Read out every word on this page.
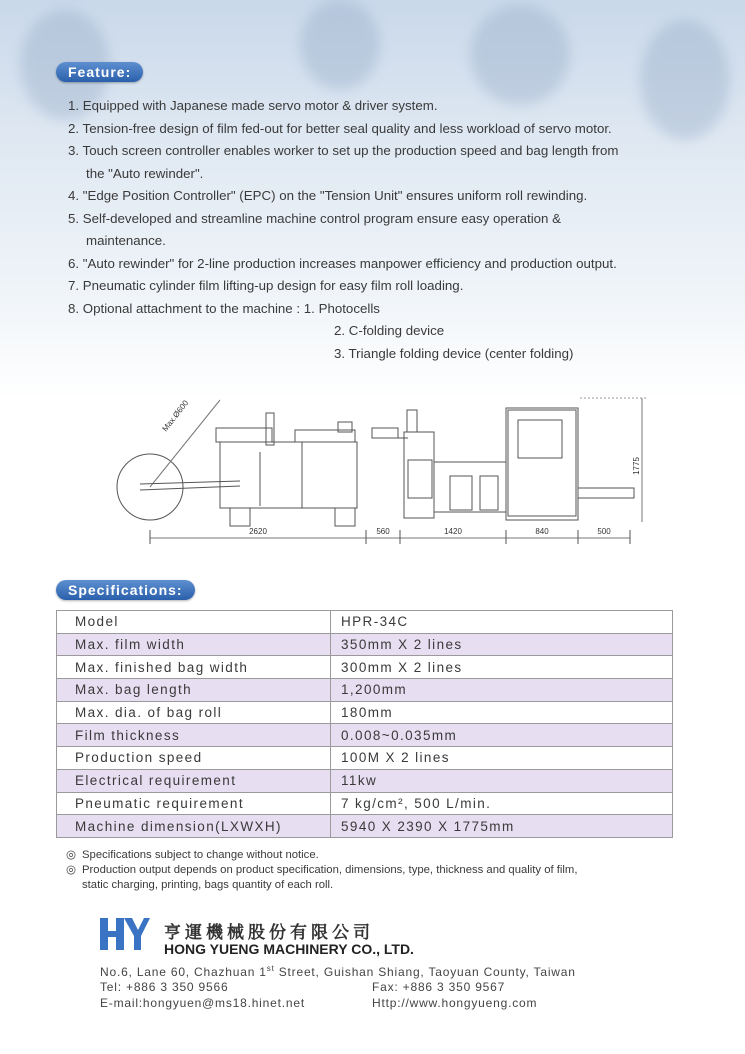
Feature:
1. Equipped with Japanese made servo motor & driver system.
2. Tension-free design of film fed-out for better seal quality and less workload of servo motor.
3. Touch screen controller enables worker to set up the production speed and bag length from
the "Auto rewinder".
4. "Edge Position Controller" (EPC) on the "Tension Unit" ensures uniform roll rewinding.
5. Self-developed and streamline machine control program ensure easy operation &
maintenance.
6. "Auto rewinder" for 2-line production increases manpower efficiency and production output.
7. Pneumatic cylinder film lifting-up design for easy film roll loading.
8. Optional attachment to the machine : 1. Photocells
2. C-folding device
3. Triangle folding device (center folding)
Max.Ø600
1775
2620	560	1420	840	500
Specifications:
Model	HPR-34C
Max. film width	350mm X 2 lines
Max. finished bag width	300mm X 2 lines
Max. bag length	1,200mm
Max. dia. of bag roll	180mm
Film thickness	0.008~0.035mm
Production speed	100M X 2 lines
Electrical requirement	11kw
Pneumatic requirement	7 kg/cm², 500 L/min.
Machine dimension(LXWXH)	5940 X 2390 X 1775mm
◎ Specifications subject to change without notice.
◎ Production output depends on product specification, dimensions, type, thickness and quality of film,
static charging, printing, bags quantity of each roll.
亨運機械股份有限公司
HONG YUENG MACHINERY CO., LTD.
No.6, Lane 60, Chazhuan 1st Street, Guishan Shiang, Taoyuan County, Taiwan
Tel: +886 3 350 9566	Fax: +886 3 350 9567
E-mail:hongyuen@ms18.hinet.net	Http://www.hongyueng.com
